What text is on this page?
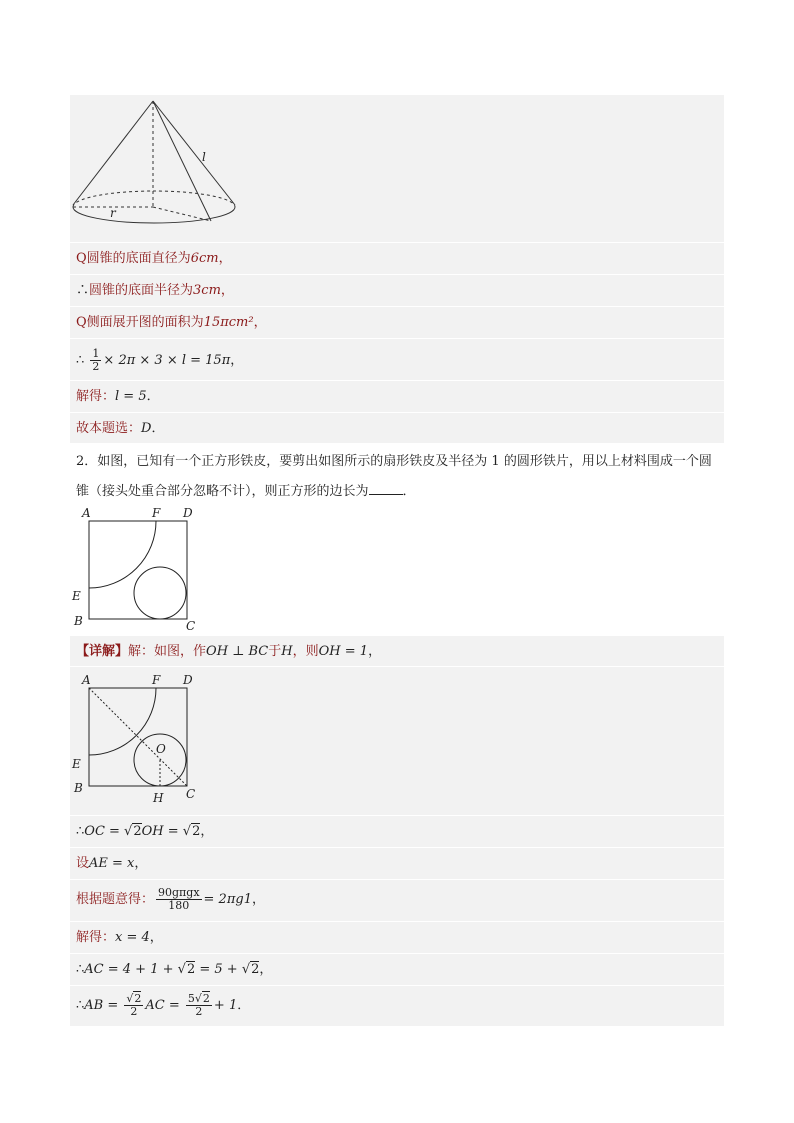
l
r
Q圆锥的底面直径为6cm，
∴圆锥的底面半径为3cm，
Q侧面展开图的面积为15πcm²，
∴ $\frac{1}{2} \times 2\pi \times 3 \times l = 15\pi$，
解得：l = 5．
故本题选：D．
2．如图，已知有一个正方形铁皮，要剪出如图所示的扇形铁皮及半径为 1 的圆形铁片，用以上材料围成一个圆锥（接头处重合部分忽略不计），则正方形的边长为	．
A	F D
E
B	C
【详解】解：如图，作OH ⊥ BC于H，则OH = 1，
A	F D
O
E
B
H C
∴OC = √2OH = √2，
设AE = x，
根据题意得： $\frac{\text{90gπgx}}{180} = 2\pi g1$，
解得：x = 4，
∴AC = 4 + 1 + √2 = 5 + √2，
∴AB = $\frac{√2}{2}$ AC = $\frac{5√2}{2} + 1$．
